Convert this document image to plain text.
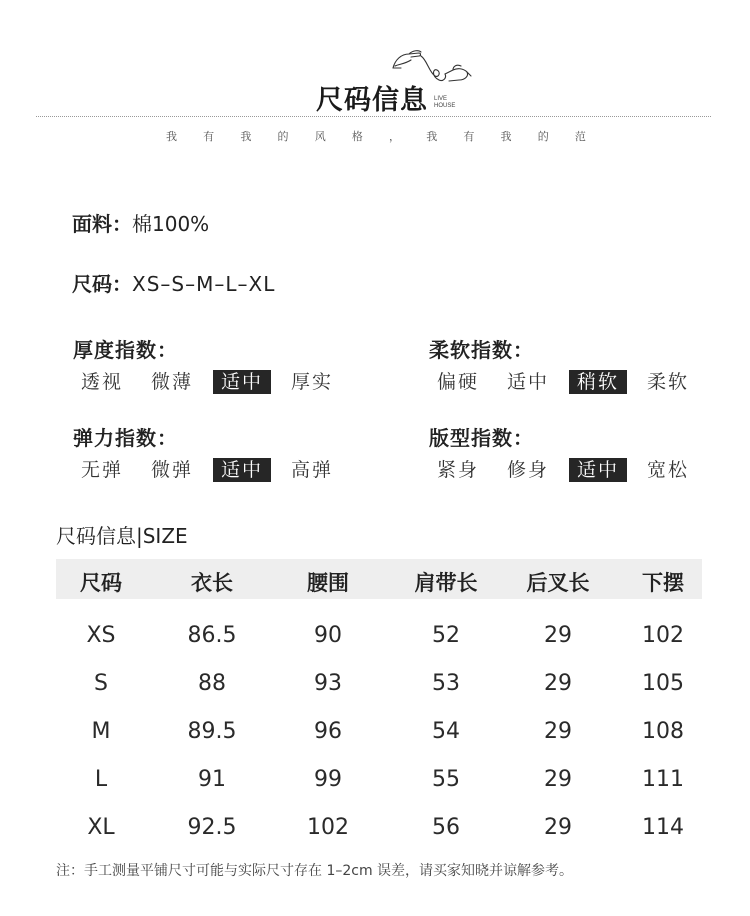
尺码信息 LIVE
HOUSE
我 有 我 的 风 格 ， 我 有 我 的 范
面料：棉100%
尺码：XS–S–M–L–XL
厚度指数：
透视	微薄	适中	厚实
柔软指数：
偏硬	适中	稍软	柔软
弹力指数：
无弹	微弹	适中	高弹
版型指数：
紧身	修身	适中	宽松
尺码信息|SIZE
尺码	衣长	腰围	肩带长 后叉长	下摆
XS	86.5	90	52	29	102
S	88	93	53	29	105
M	89.5	96	54	29	108
L	91	99	55	29	111
XL	92.5	102	56	29	114
注：手工测量平铺尺寸可能与实际尺寸存在 1–2cm 误差，请买家知晓并谅解参考。
